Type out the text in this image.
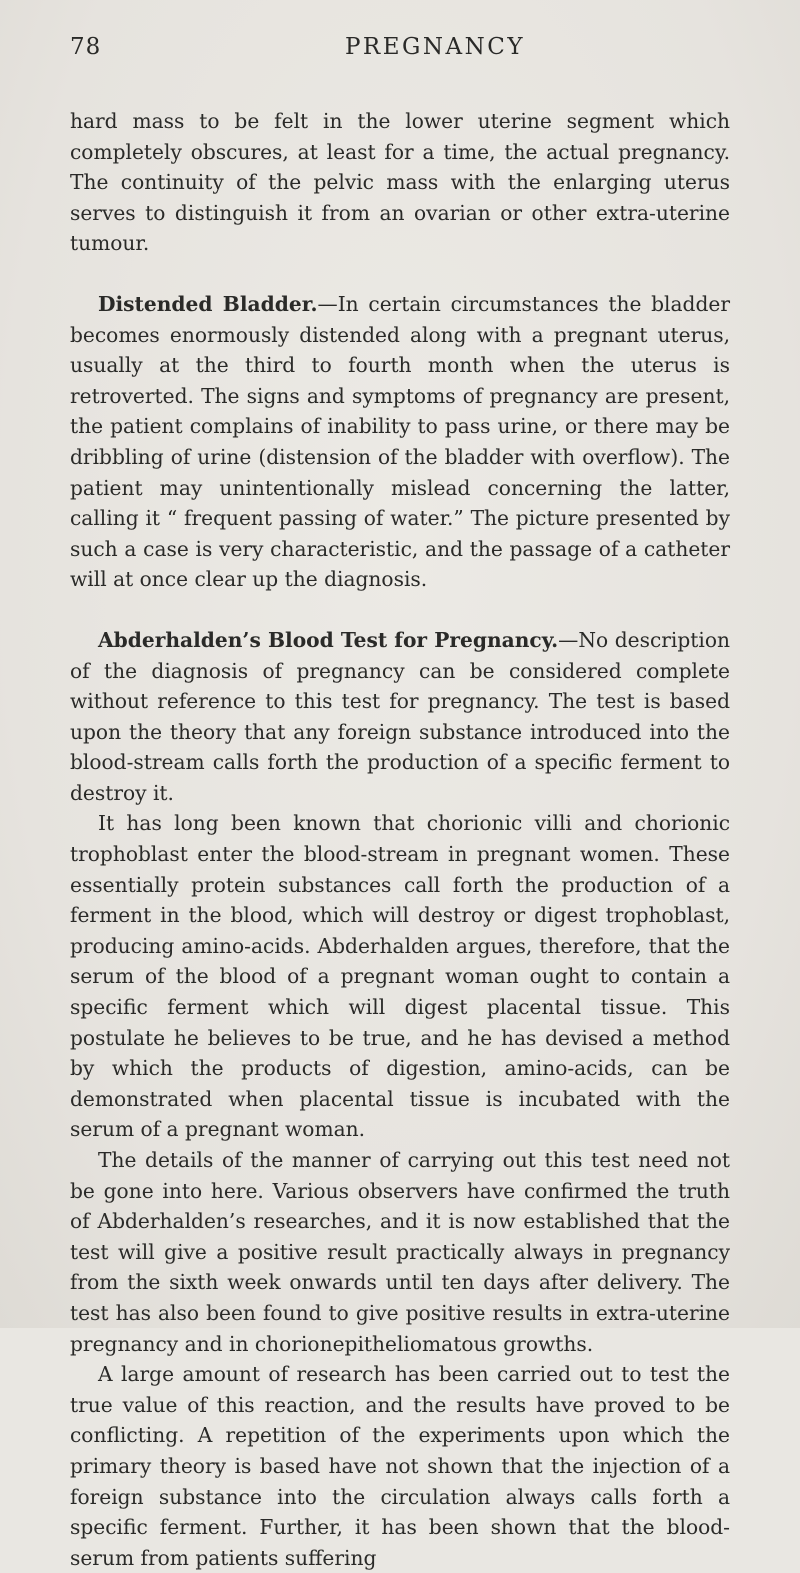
78	PREGNANCY

hard mass to be felt in the lower uterine segment which completely obscures, at least for a time, the actual pregnancy. The continuity of the pelvic mass with the enlarging uterus serves to distinguish it from an ovarian or other extra-uterine tumour.

Distended Bladder.—In certain circumstances the bladder becomes enormously distended along with a pregnant uterus, usually at the third to fourth month when the uterus is retroverted. The signs and symptoms of pregnancy are present, the patient complains of inability to pass urine, or there may be dribbling of urine (distension of the bladder with overflow). The patient may unintentionally mislead concerning the latter, calling it “ frequent passing of water.” The picture presented by such a case is very characteristic, and the passage of a catheter will at once clear up the diagnosis.

Abderhalden’s Blood Test for Pregnancy.—No description of the diagnosis of pregnancy can be considered complete without reference to this test for pregnancy. The test is based upon the theory that any foreign substance introduced into the blood-stream calls forth the production of a specific ferment to destroy it.

It has long been known that chorionic villi and chorionic trophoblast enter the blood-stream in pregnant women. These essentially protein substances call forth the production of a ferment in the blood, which will destroy or digest trophoblast, producing amino-acids. Abderhalden argues, therefore, that the serum of the blood of a pregnant woman ought to contain a specific ferment which will digest placental tissue. This postulate he believes to be true, and he has devised a method by which the products of digestion, amino-acids, can be demonstrated when placental tissue is incubated with the serum of a pregnant woman.

The details of the manner of carrying out this test need not be gone into here. Various observers have confirmed the truth of Abderhalden’s researches, and it is now established that the test will give a positive result practically always in pregnancy from the sixth week onwards until ten days after delivery. The test has also been found to give positive results in extra-uterine pregnancy and in chorionepitheliomatous growths.

A large amount of research has been carried out to test the true value of this reaction, and the results have proved to be conflicting. A repetition of the experiments upon which the primary theory is based have not shown that the injection of a foreign substance into the circulation always calls forth a specific ferment. Further, it has been shown that the blood-serum from patients suffering
